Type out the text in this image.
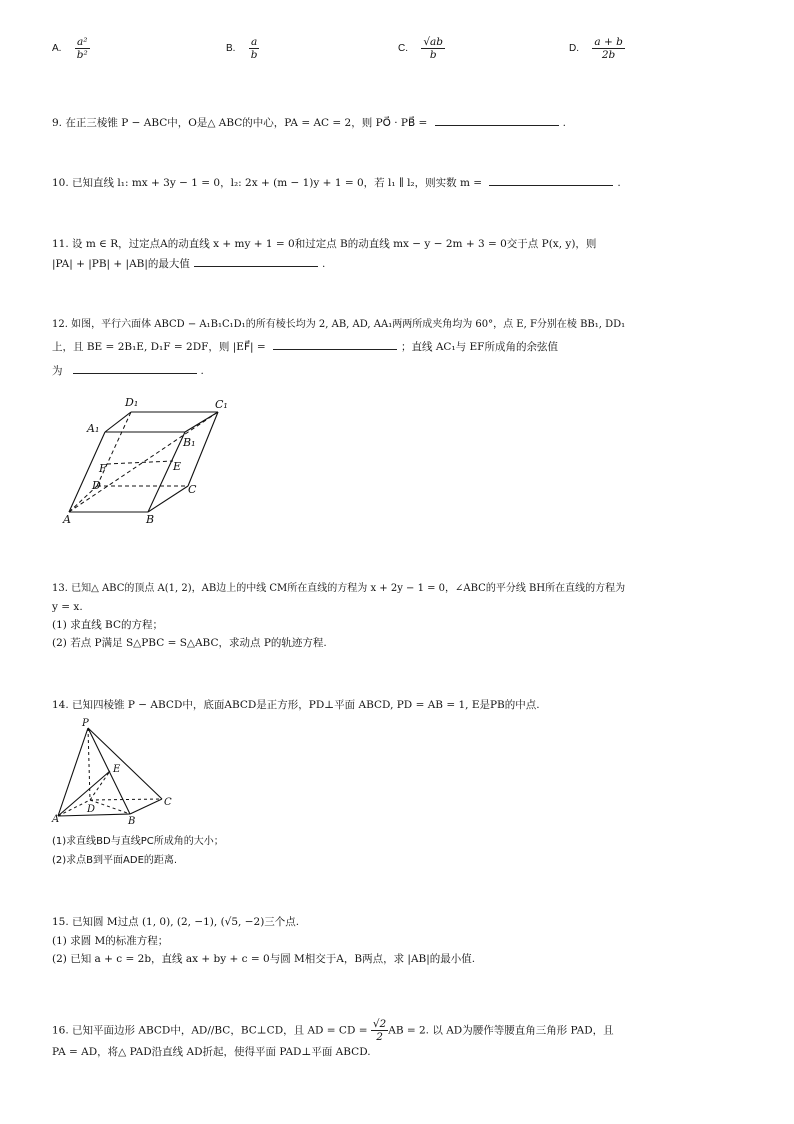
A. $\frac{\text{a²}}{\text{b²}}$	B. $\frac{a}{b}$	C. $\frac{√ab}{b}$	D. $\frac{a + b}{2b}$
9. 在正三棱锥 P − ABC中，O是△ ABC的中心，PA = AC = 2，则 PO⃗ · PB⃗ =	.
10. 已知直线 l₁: mx + 3y − 1 = 0，l₂: 2x + (m − 1)y + 1 = 0，若 l₁ ∥ l₂，则实数 m =	.
11. 设 m ∈ R，过定点A的动直线 x + my + 1 = 0和过定点 B的动直线 mx − y − 2m + 3 = 0交于点 P(x, y)，则
|PA| + |PB| + |AB|的最大值	.
12. 如图，平行六面体 ABCD − A₁B₁C₁D₁的所有棱长均为 2, AB, AD, AA₁两两所成夹角均为 60°，点 E, F分别在棱 BB₁, DD₁
上，且 BE = 2B₁E, D₁F = 2DF，则 |EF⃗| =	；直线 AC₁与 EF所成角的余弦值
为	.
D₁	C₁
A₁
B₁
F	E
D	C
A	B
13. 已知△ ABC的顶点 A(1, 2)，AB边上的中线 CM所在直线的方程为 x + 2y − 1 = 0，∠ABC的平分线 BH所在直线的方程为
y = x.
(1) 求直线 BC的方程；
(2) 若点 P满足 S△PBC = S△ABC，求动点 P的轨迹方程.
14. 已知四棱锥 P − ABCD中，底面ABCD是正方形，PD⊥平面 ABCD, PD = AB = 1, E是PB的中点.
P
E
D
C
A	B
(1)求直线BD与直线PC所成角的大小；
(2)求点B到平面ADE的距离.
15. 已知圆 M过点 (1, 0), (2, −1), (√5, −2)三个点.
(1) 求圆 M的标准方程；
(2) 已知 a + c = 2b，直线 ax + by + c = 0与圆 M相交于A，B两点，求 |AB|的最小值.
16. 已知平面边形 ABCD中，AD//BC，BC⊥CD，且 AD = CD = $\frac{√2}{2}$ AB = 2. 以 AD为腰作等腰直角三角形 PAD，且
PA = AD，将△ PAD沿直线 AD折起，使得平面 PAD⊥平面 ABCD.
